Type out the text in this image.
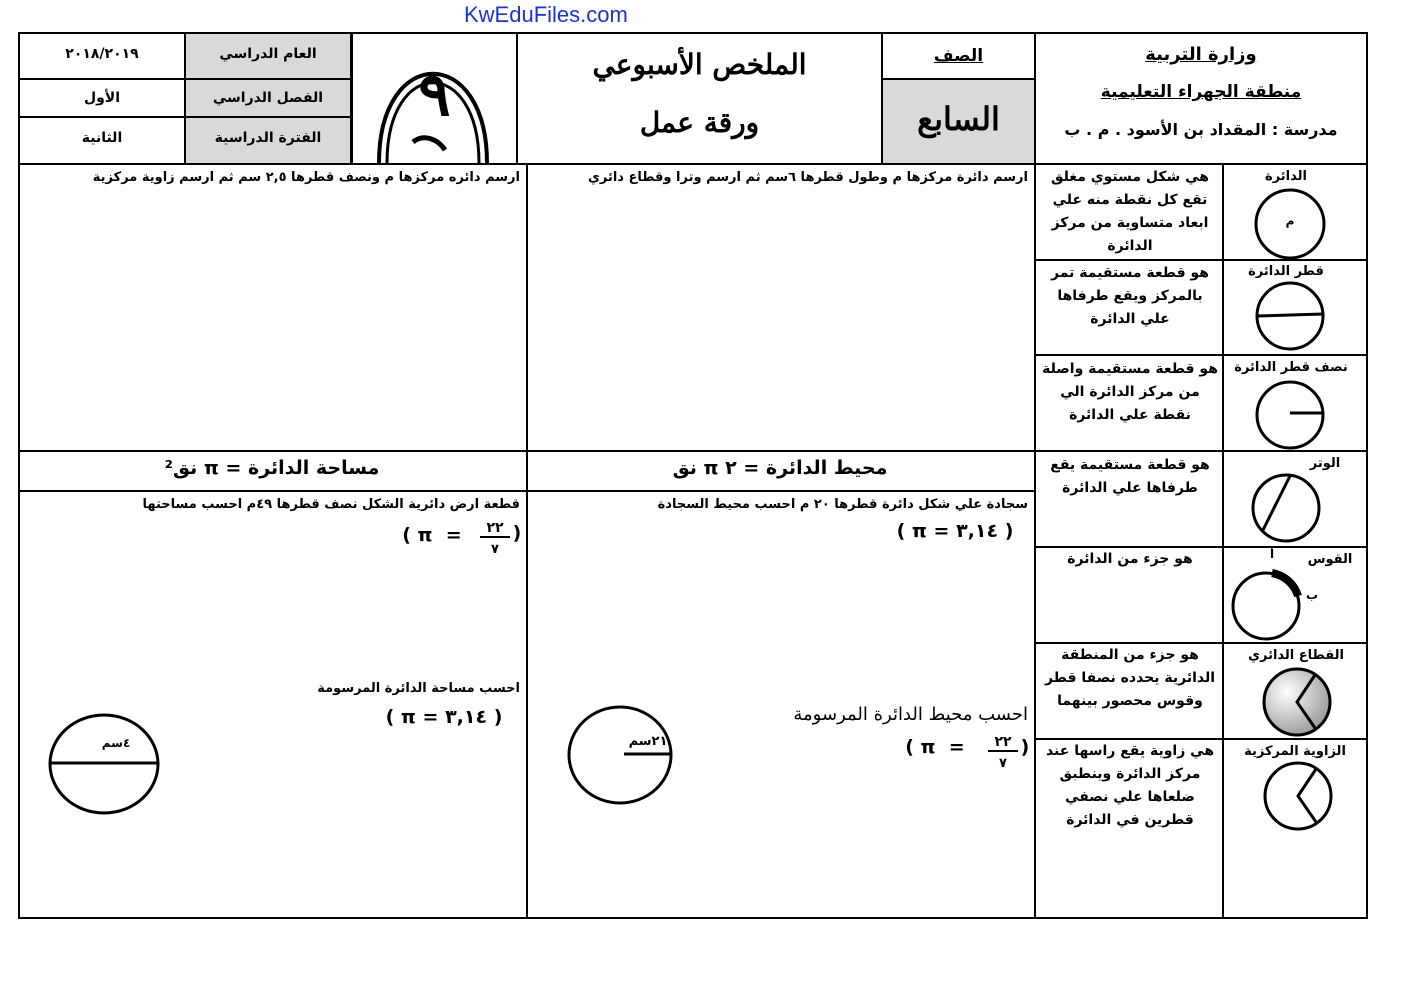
KwEduFiles.com
وزارة التربية
منطقة الجهراء التعليمية
مدرسة : المقداد بن الأسود . م . ب
الصف
السابع
الملخص الأسبوعي
ورقة عمل
٩
العام الدراسي
٢٠١٨/٢٠١٩
الفصل الدراسي
الأول
الفترة الدراسية
الثانية
الدائرة
م
هي شكل مستوي مغلق تقع كل نقطة منه علي ابعاد متساوية من مركز الدائرة
قطر الدائرة
هو قطعة مستقيمة تمر بالمركز ويقع طرفاها علي الدائرة
نصف قطر الدائرة
هو قطعة مستقيمة واصلة من مركز الدائرة الي نقطة علي الدائرة
الوتر
هو قطعة مستقيمة يقع طرفاها علي الدائرة
القوس
أ
ب
هو جزء من الدائرة
القطاع الدائري
هو جزء من المنطقة الدائرية يحدده نصفا قطر وقوس محصور بينهما
الزاوية المركزية
هي زاوية يقع راسها عند مركز الدائرة وينطبق ضلعاها علي نصفي قطرين في الدائرة
ارسم دائرة مركزها م وطول قطرها ٦سم ثم ارسم وترا وقطاع دائري
ارسم دائره مركزها م ونصف قطرها ٢,٥ سم ثم ارسم زاوية مركزية
محيط الدائرة = ٢ π نق
مساحة الدائرة = π نق²
سجادة علي شكل دائرة قطرها ٢٠ م احسب محيط السجادة
( π = ٣,١٤ )
احسب محيط الدائرة المرسومة
( π  =	٢٢
٧
)
٢١سم
قطعة ارض دائرية الشكل نصف قطرها ٤٩م احسب مساحتها
( π  =	٢٢
٧
)
احسب مساحة الدائرة المرسومة
( π = ٣,١٤ )
٤سم
